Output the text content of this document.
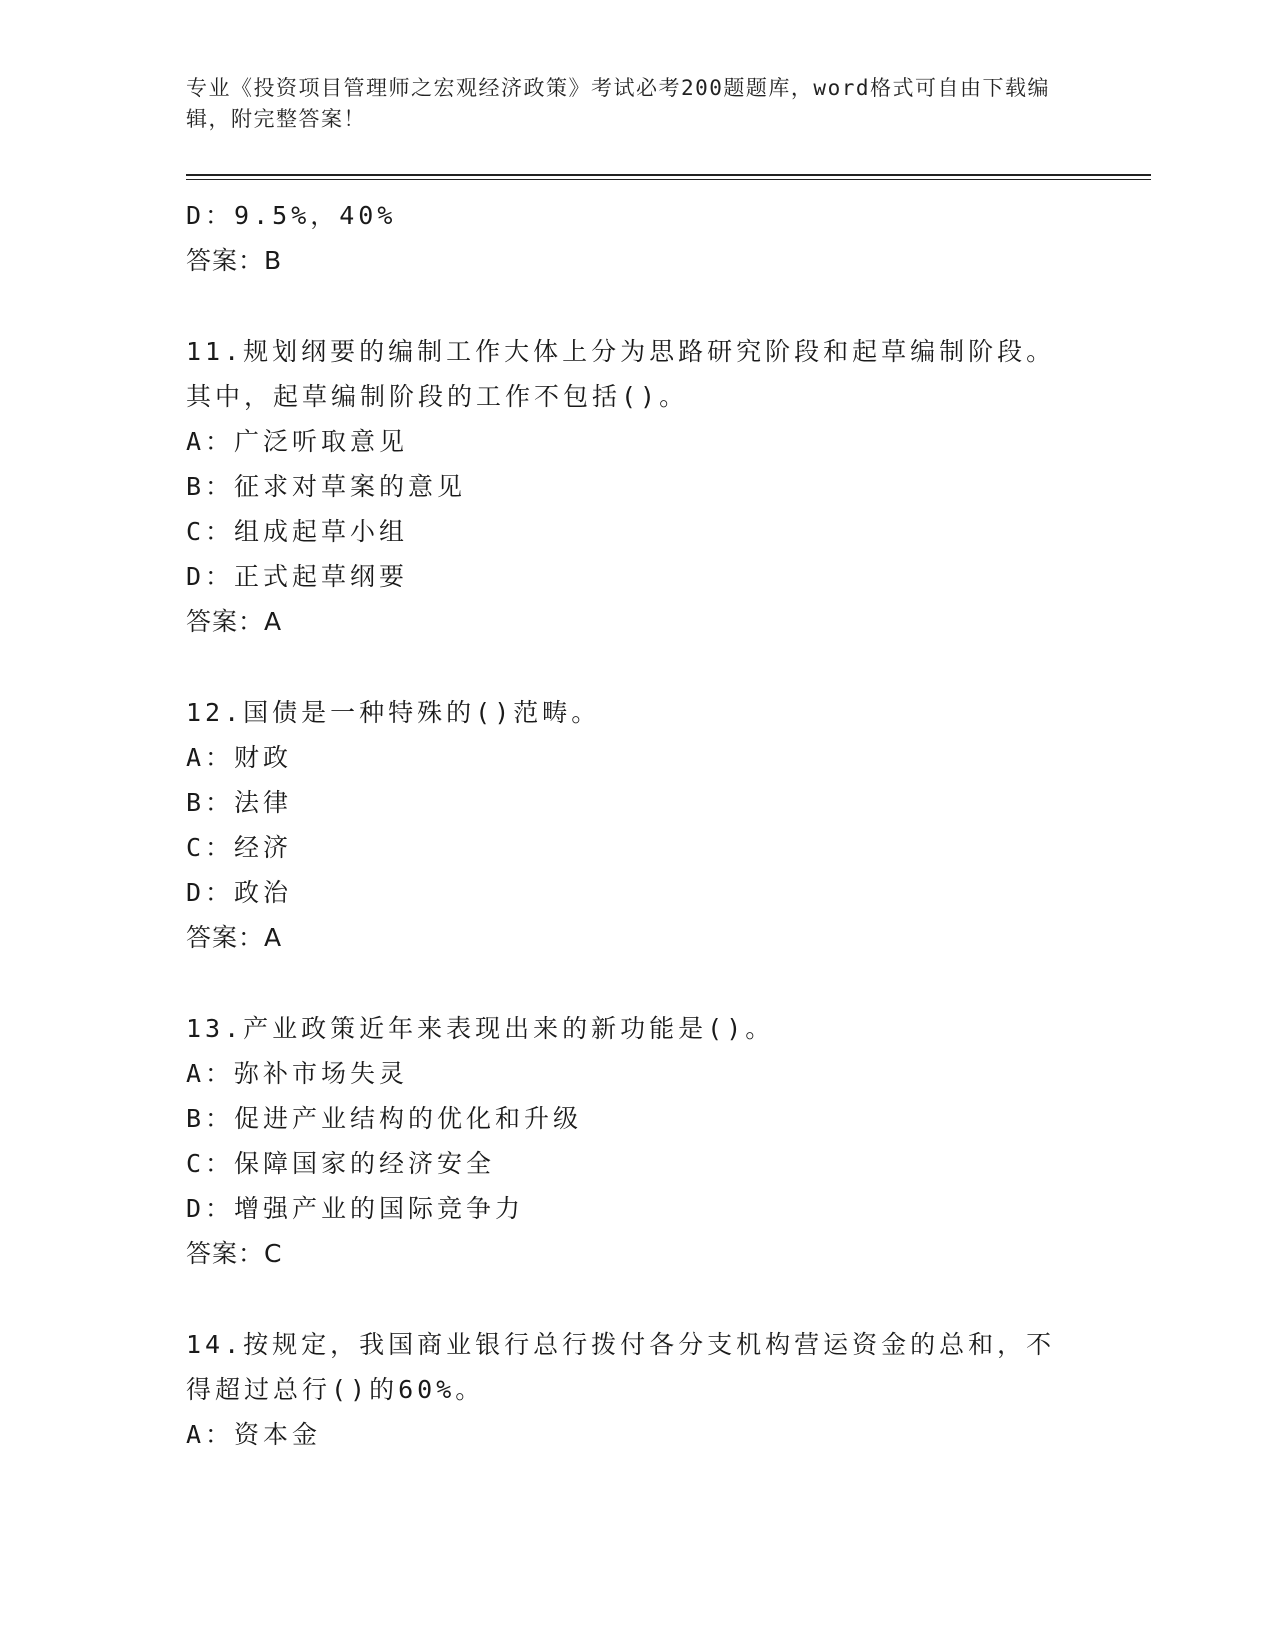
专业《投资项目管理师之宏观经济政策》考试必考200题题库，word格式可自由下载编辑，附完整答案！
D：9.5%，40%
答案：B
11.规划纲要的编制工作大体上分为思路研究阶段和起草编制阶段。其中，起草编制阶段的工作不包括()。
A：广泛听取意见
B：征求对草案的意见
C：组成起草小组
D：正式起草纲要
答案：A
12.国债是一种特殊的()范畴。
A：财政
B：法律
C：经济
D：政治
答案：A
13.产业政策近年来表现出来的新功能是()。
A：弥补市场失灵
B：促进产业结构的优化和升级
C：保障国家的经济安全
D：增强产业的国际竞争力
答案：C
14.按规定，我国商业银行总行拨付各分支机构营运资金的总和，不得超过总行()的60%。
A：资本金
